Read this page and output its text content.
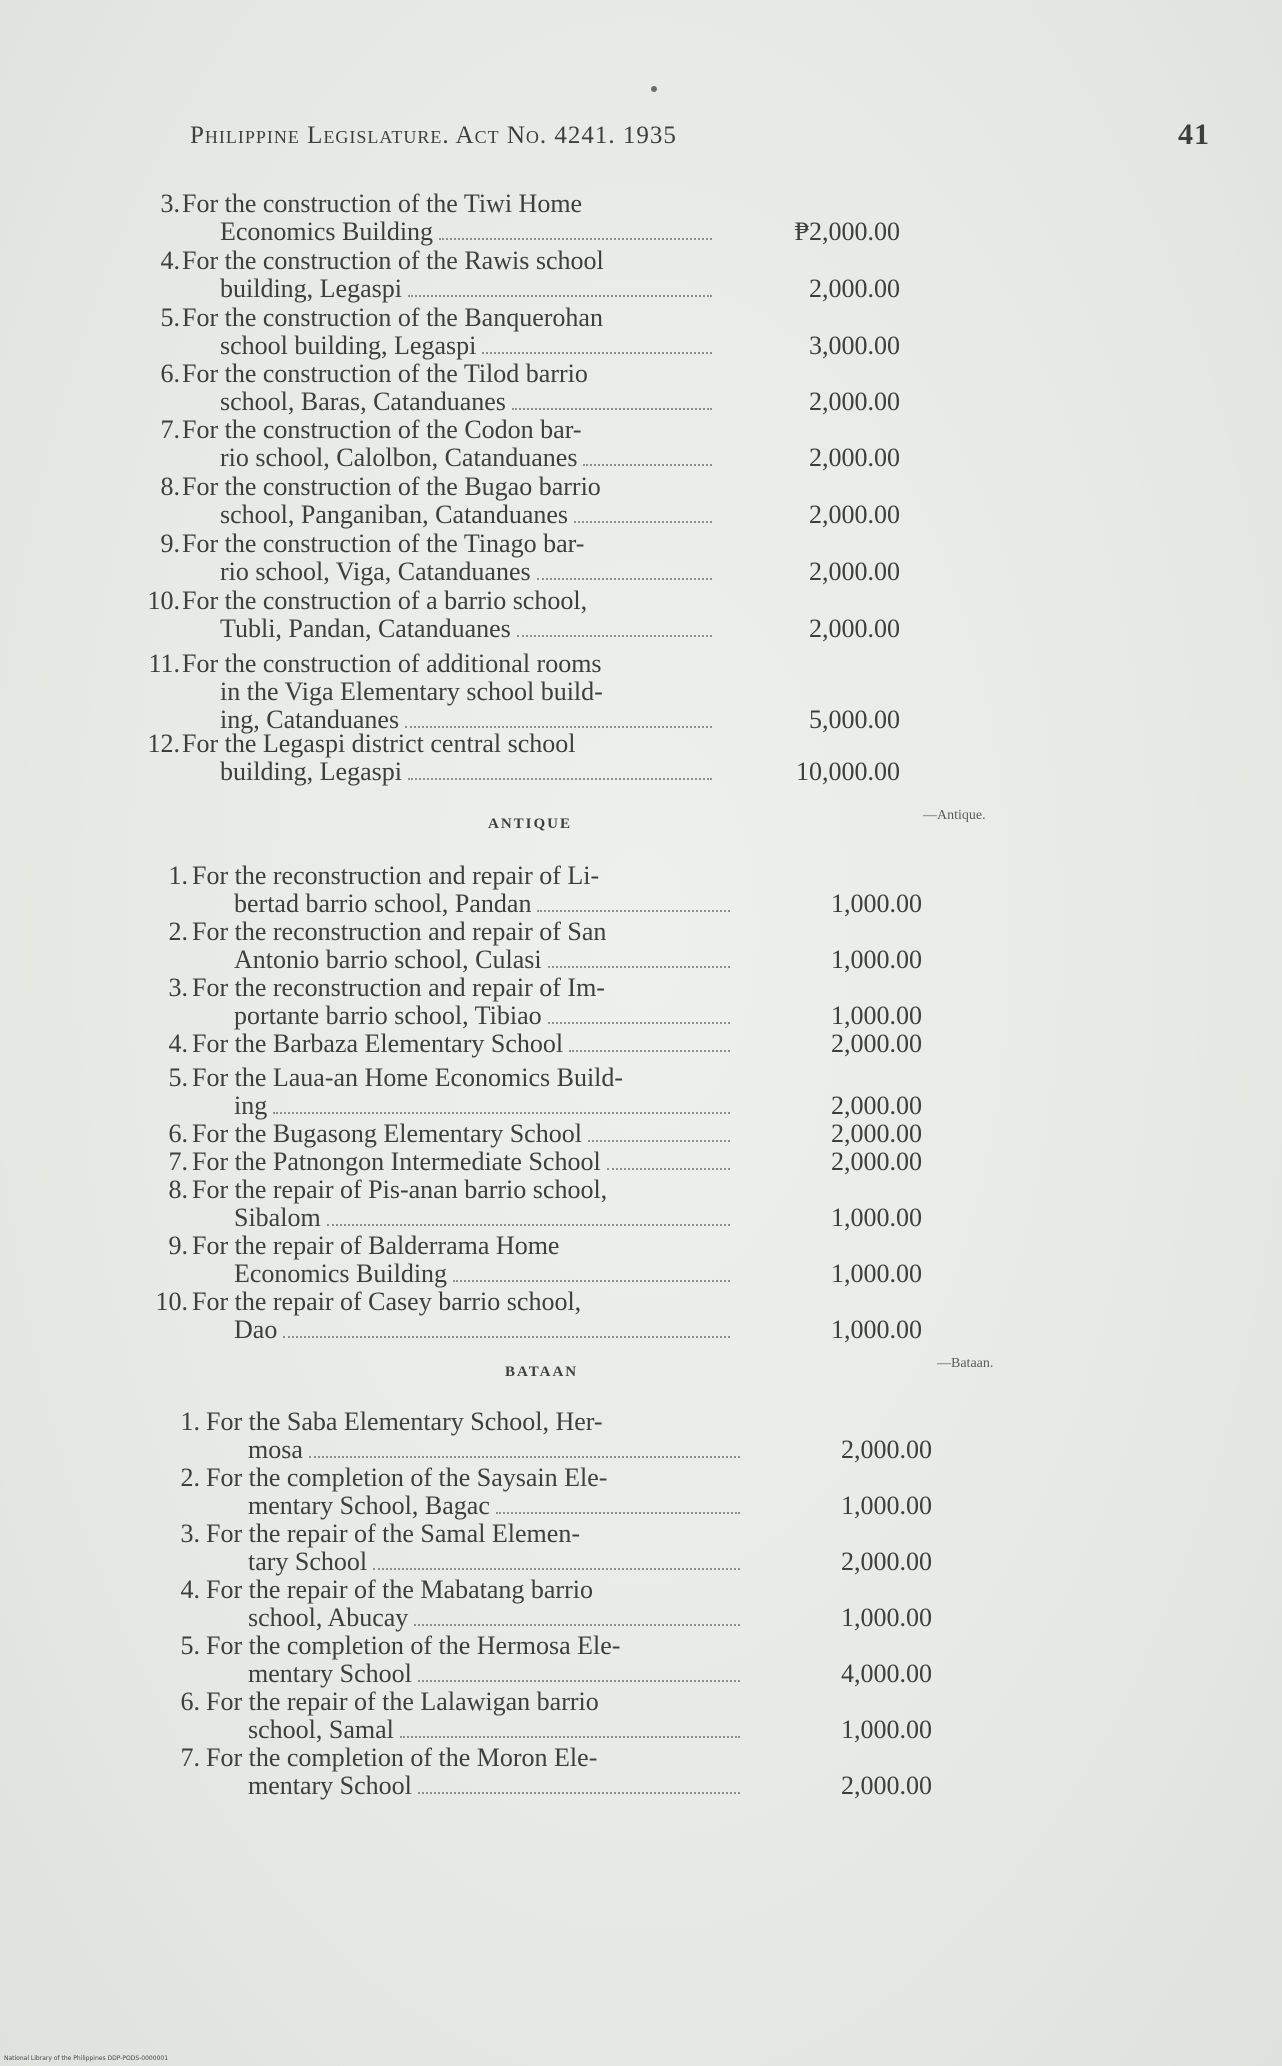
Philippine Legislature. Act No. 4241. 1935	41
3. For the construction of the Tiwi Home
Economics Building	₱2,000.00
4. For the construction of the Rawis school
building, Legaspi	2,000.00
5. For the construction of the Banquerohan
school building, Legaspi	3,000.00
6. For the construction of the Tilod barrio
school, Baras, Catanduanes	2,000.00
7. For the construction of the Codon bar-
rio school, Calolbon, Catanduanes	2,000.00
8. For the construction of the Bugao barrio
school, Panganiban, Catanduanes	2,000.00
9. For the construction of the Tinago bar-
rio school, Viga, Catanduanes	2,000.00
10. For the construction of a barrio school,
Tubli, Pandan, Catanduanes	2,000.00
11. For the construction of additional rooms
in the Viga Elementary school build-
ing, Catanduanes	5,000.00
12. For the Legaspi district central school
building, Legaspi	10,000.00
ANTIQUE
—Antique.
1. For the reconstruction and repair of Li-
bertad barrio school, Pandan	1,000.00
2. For the reconstruction and repair of San
Antonio barrio school, Culasi	1,000.00
3. For the reconstruction and repair of Im-
portante barrio school, Tibiao	1,000.00
4. For the Barbaza Elementary School	2,000.00
5. For the Laua-an Home Economics Build-
ing	2,000.00
6. For the Bugasong Elementary School	2,000.00
7. For the Patnongon Intermediate School	2,000.00
8. For the repair of Pis-anan barrio school,
Sibalom	1,000.00
9. For the repair of Balderrama Home
Economics Building	1,000.00
10. For the repair of Casey barrio school,
Dao	1,000.00
BATAAN
—Bataan.
1. For the Saba Elementary School, Her-
mosa	2,000.00
2. For the completion of the Saysain Ele-
mentary School, Bagac	1,000.00
3. For the repair of the Samal Elemen-
tary School	2,000.00
4. For the repair of the Mabatang barrio
school, Abucay	1,000.00
5. For the completion of the Hermosa Ele-
mentary School	4,000.00
6. For the repair of the Lalawigan barrio
school, Samal	1,000.00
7. For the completion of the Moron Ele-
mentary School	2,000.00
National Library of the Philippines DDP-PODS-0000001
